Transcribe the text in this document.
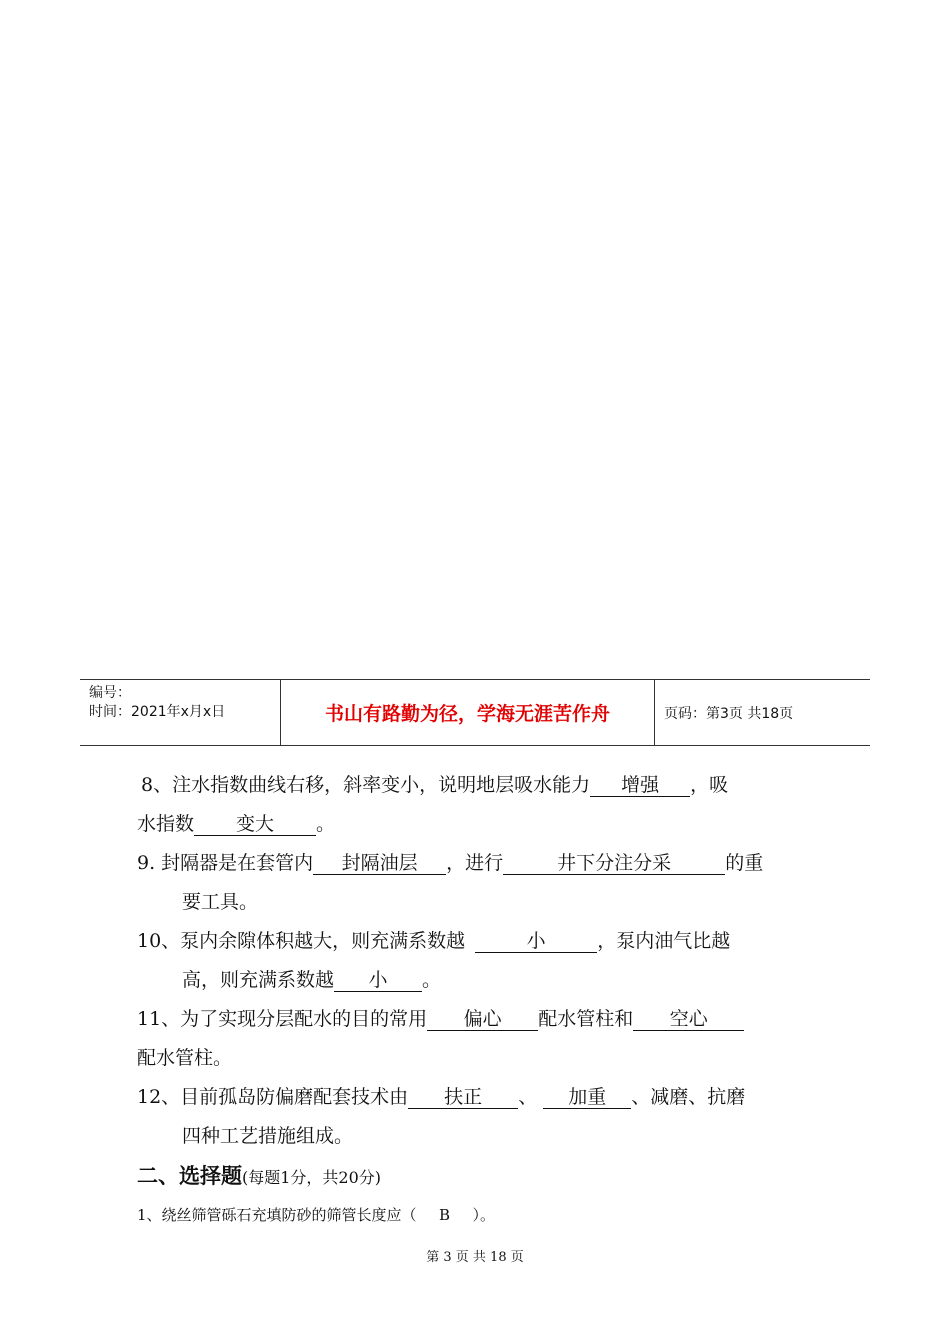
编号：
时间：2021年x月x日	书山有路勤为径，学海无涯苦作舟	页码：第3页 共18页
8、注水指数曲线右移，斜率变小，说明地层吸水能力 增强 ，吸
水指数 变大 。
9. 封隔器是在套管内 封隔油层 ，进行	井下分注分采	的重
要工具。
10、泵内余隙体积越大，则充满系数越	小	，泵内油气比越
高，则充满系数越 小 。
11、为了实现分层配水的目的常用 偏心 配水管柱和 空心
配水管柱。
12、目前孤岛防偏磨配套技术由 扶正 、 加重 、减磨、抗磨
四种工艺措施组成。
二、选择题(每题1分，共20分)
1、绕丝筛管砾石充填防砂的筛管长度应（ B ）。
第 3 页 共 18 页
